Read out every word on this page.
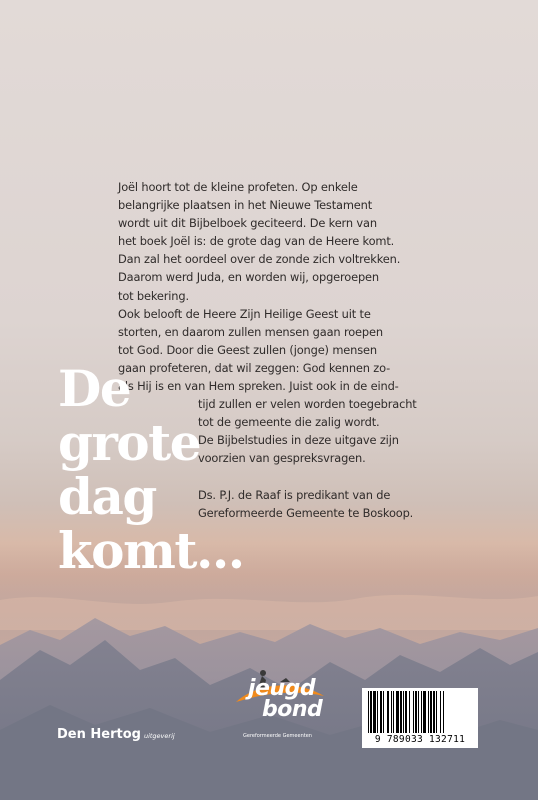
Joël hoort tot de kleine profeten. Op enkele
belangrijke plaatsen in het Nieuwe Testament
wordt uit dit Bijbelboek geciteerd. De kern van
het boek Joël is: de grote dag van de Heere komt.
Dan zal het oordeel over de zonde zich voltrekken.
Daarom werd Juda, en worden wij, opgeroepen
tot bekering.

Ook belooft de Heere Zijn Heilige Geest uit te
storten, en daarom zullen mensen gaan roepen
tot God. Door die Geest zullen (jonge) mensen
gaan profeteren, dat wil zeggen: God kennen zo-
als Hij is en van Hem spreken. Juist ook in de eind-

tijd zullen er velen worden toegebracht
tot de gemeente die zalig wordt.
De Bijbelstudies in deze uitgave zijn
voorzien van gespreksvragen.

Ds. P.J. de Raaf is predikant van de
Gereformeerde Gemeente te Boskoop.

De
grote
dag
komt...
Den Hertog uitgeverij
jeugd
bond
Gereformeerde Gemeenten	9 789033 132711
NUR 700
